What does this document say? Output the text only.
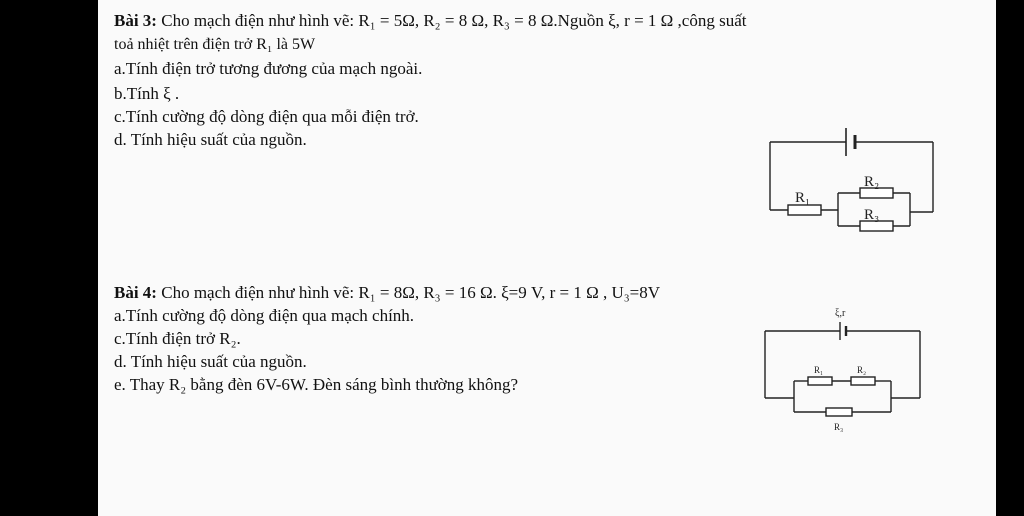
Bài 3: Cho mạch điện như hình vẽ: R₁ = 5Ω, R₂ = 8 Ω, R₃ = 8 Ω.Nguồn ξ, r = 1 Ω ,công suất
toả nhiệt trên điện trở R₁ là 5W
a.Tính điện trở tương đương của mạch ngoài.
b.Tính ξ .
c.Tính cường độ dòng điện qua mỗi điện trở.
d. Tính hiệu suất của nguồn.
R₁
R₂
R₃
Bài 4: Cho mạch điện như hình vẽ: R₁ = 8Ω, R₃ = 16 Ω. ξ=9 V, r = 1 Ω , U₃=8V
a.Tính cường độ dòng điện qua mạch chính.
c.Tính điện trở R₂.
d. Tính hiệu suất của nguồn.
e. Thay R₂ bằng đèn 6V-6W. Đèn sáng bình thường không?
ξ,r
R₁	R₂
R₃
